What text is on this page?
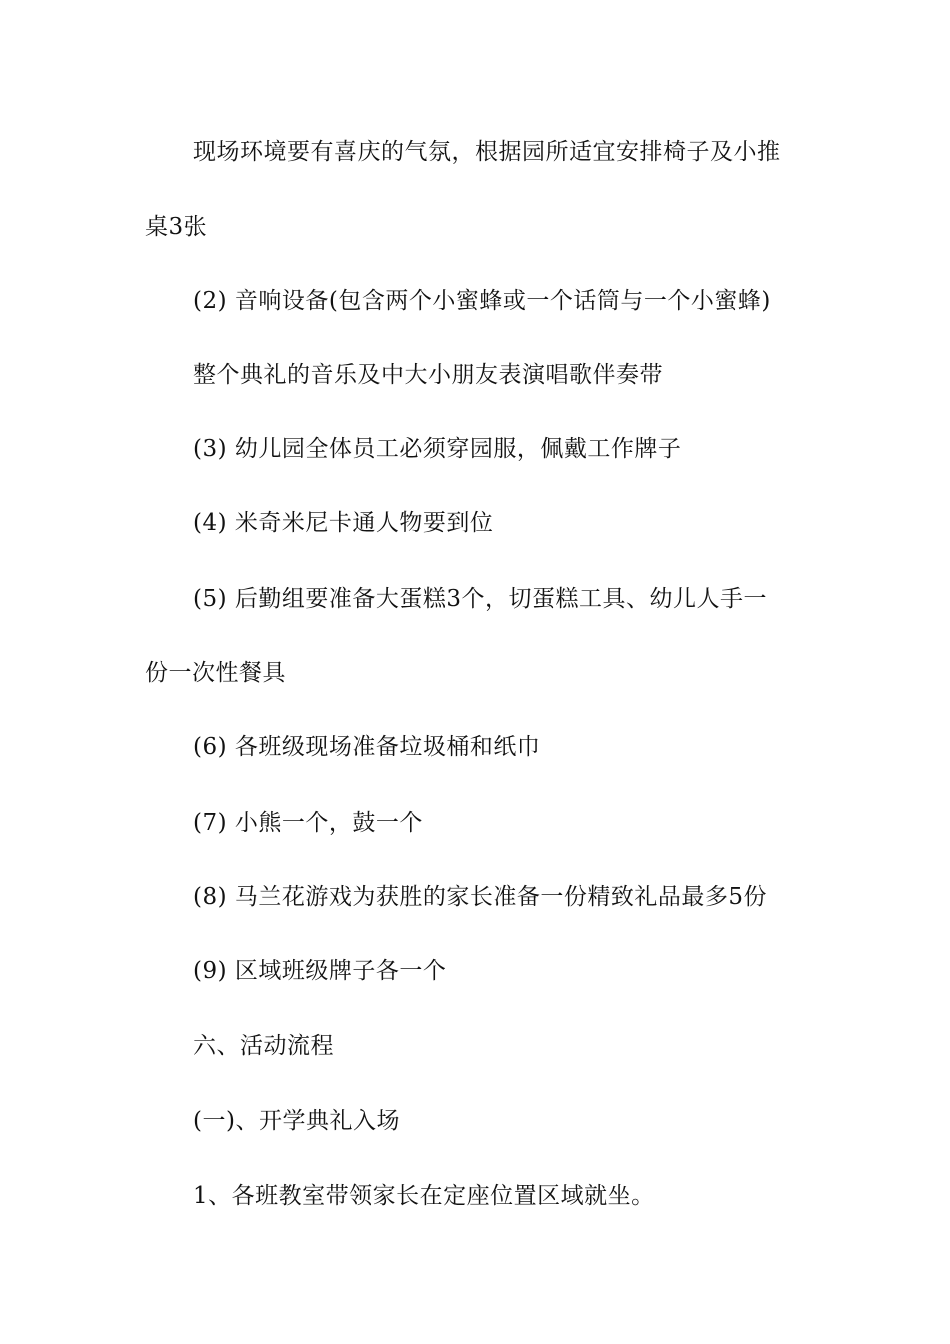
现场环境要有喜庆的气氛，根据园所适宜安排椅子及小推
桌3张
(2) 音响设备(包含两个小蜜蜂或一个话筒与一个小蜜蜂)
整个典礼的音乐及中大小朋友表演唱歌伴奏带
(3) 幼儿园全体员工必须穿园服，佩戴工作牌子
(4) 米奇米尼卡通人物要到位
(5) 后勤组要准备大蛋糕3个，切蛋糕工具、幼儿人手一
份一次性餐具
(6) 各班级现场准备垃圾桶和纸巾
(7) 小熊一个，鼓一个
(8) 马兰花游戏为获胜的家长准备一份精致礼品最多5份
(9) 区域班级牌子各一个
六、活动流程
(一)、开学典礼入场
1、各班教室带领家长在定座位置区域就坐。
